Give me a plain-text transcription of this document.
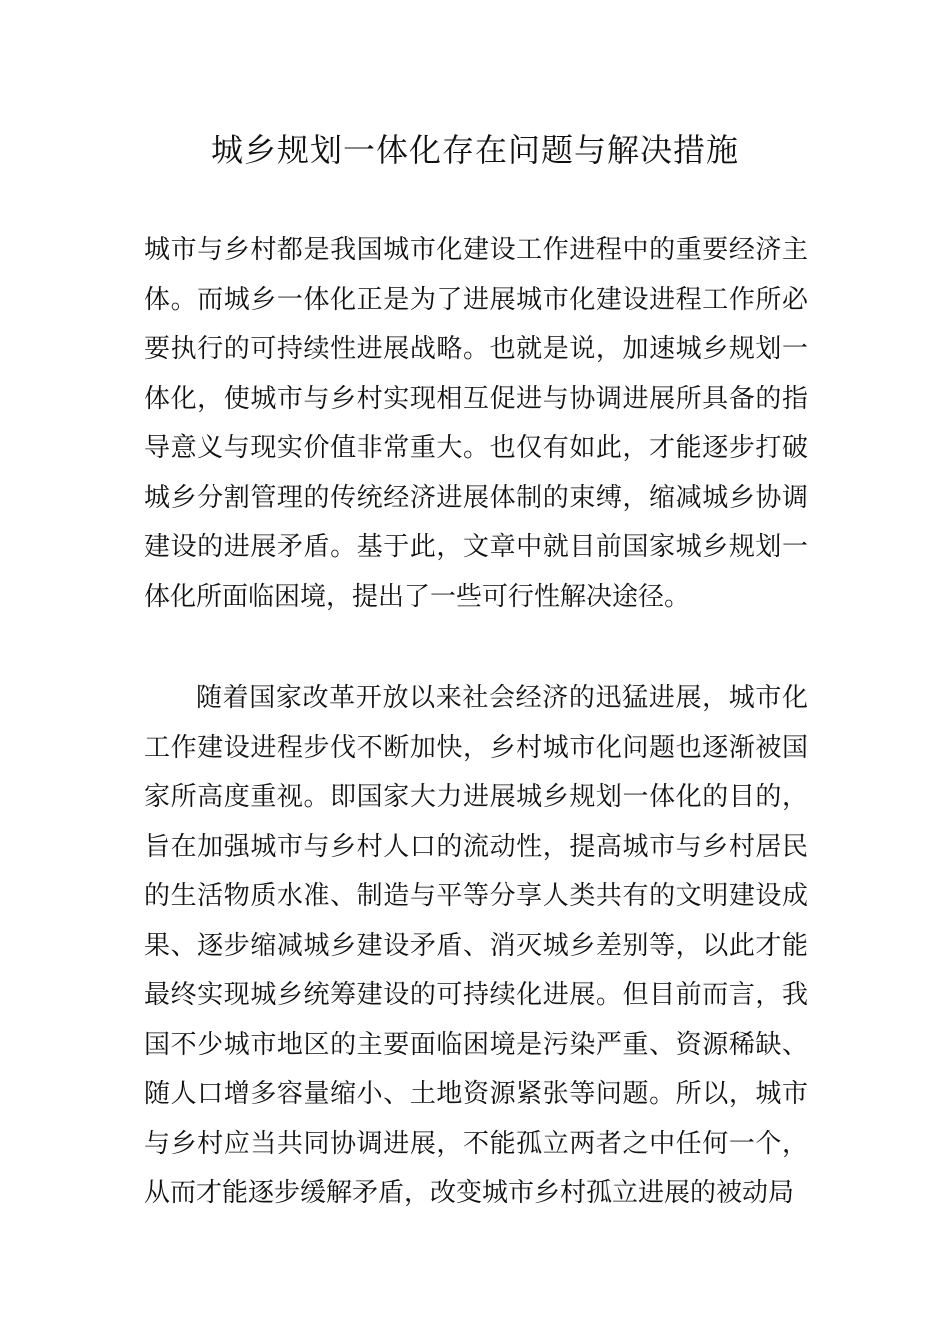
城乡规划一体化存在问题与解决措施

城市与乡村都是我国城市化建设工作进程中的重要经济主体。而城乡一体化正是为了进展城市化建设进程工作所必要执行的可持续性进展战略。也就是说，加速城乡规划一体化，使城市与乡村实现相互促进与协调进展所具备的指导意义与现实价值非常重大。也仅有如此，才能逐步打破城乡分割管理的传统经济进展体制的束缚，缩减城乡协调建设的进展矛盾。基于此，文章中就目前国家城乡规划一体化所面临困境，提出了一些可行性解决途径。

随着国家改革开放以来社会经济的迅猛进展，城市化工作建设进程步伐不断加快，乡村城市化问题也逐渐被国家所高度重视。即国家大力进展城乡规划一体化的目的，旨在加强城市与乡村人口的流动性，提高城市与乡村居民的生活物质水准、制造与平等分享人类共有的文明建设成果、逐步缩减城乡建设矛盾、消灭城乡差别等，以此才能最终实现城乡统筹建设的可持续化进展。但目前而言，我国不少城市地区的主要面临困境是污染严重、资源稀缺、随人口增多容量缩小、土地资源紧张等问题。所以，城市与乡村应当共同协调进展，不能孤立两者之中任何一个，从而才能逐步缓解矛盾，改变城市乡村孤立进展的被动局
